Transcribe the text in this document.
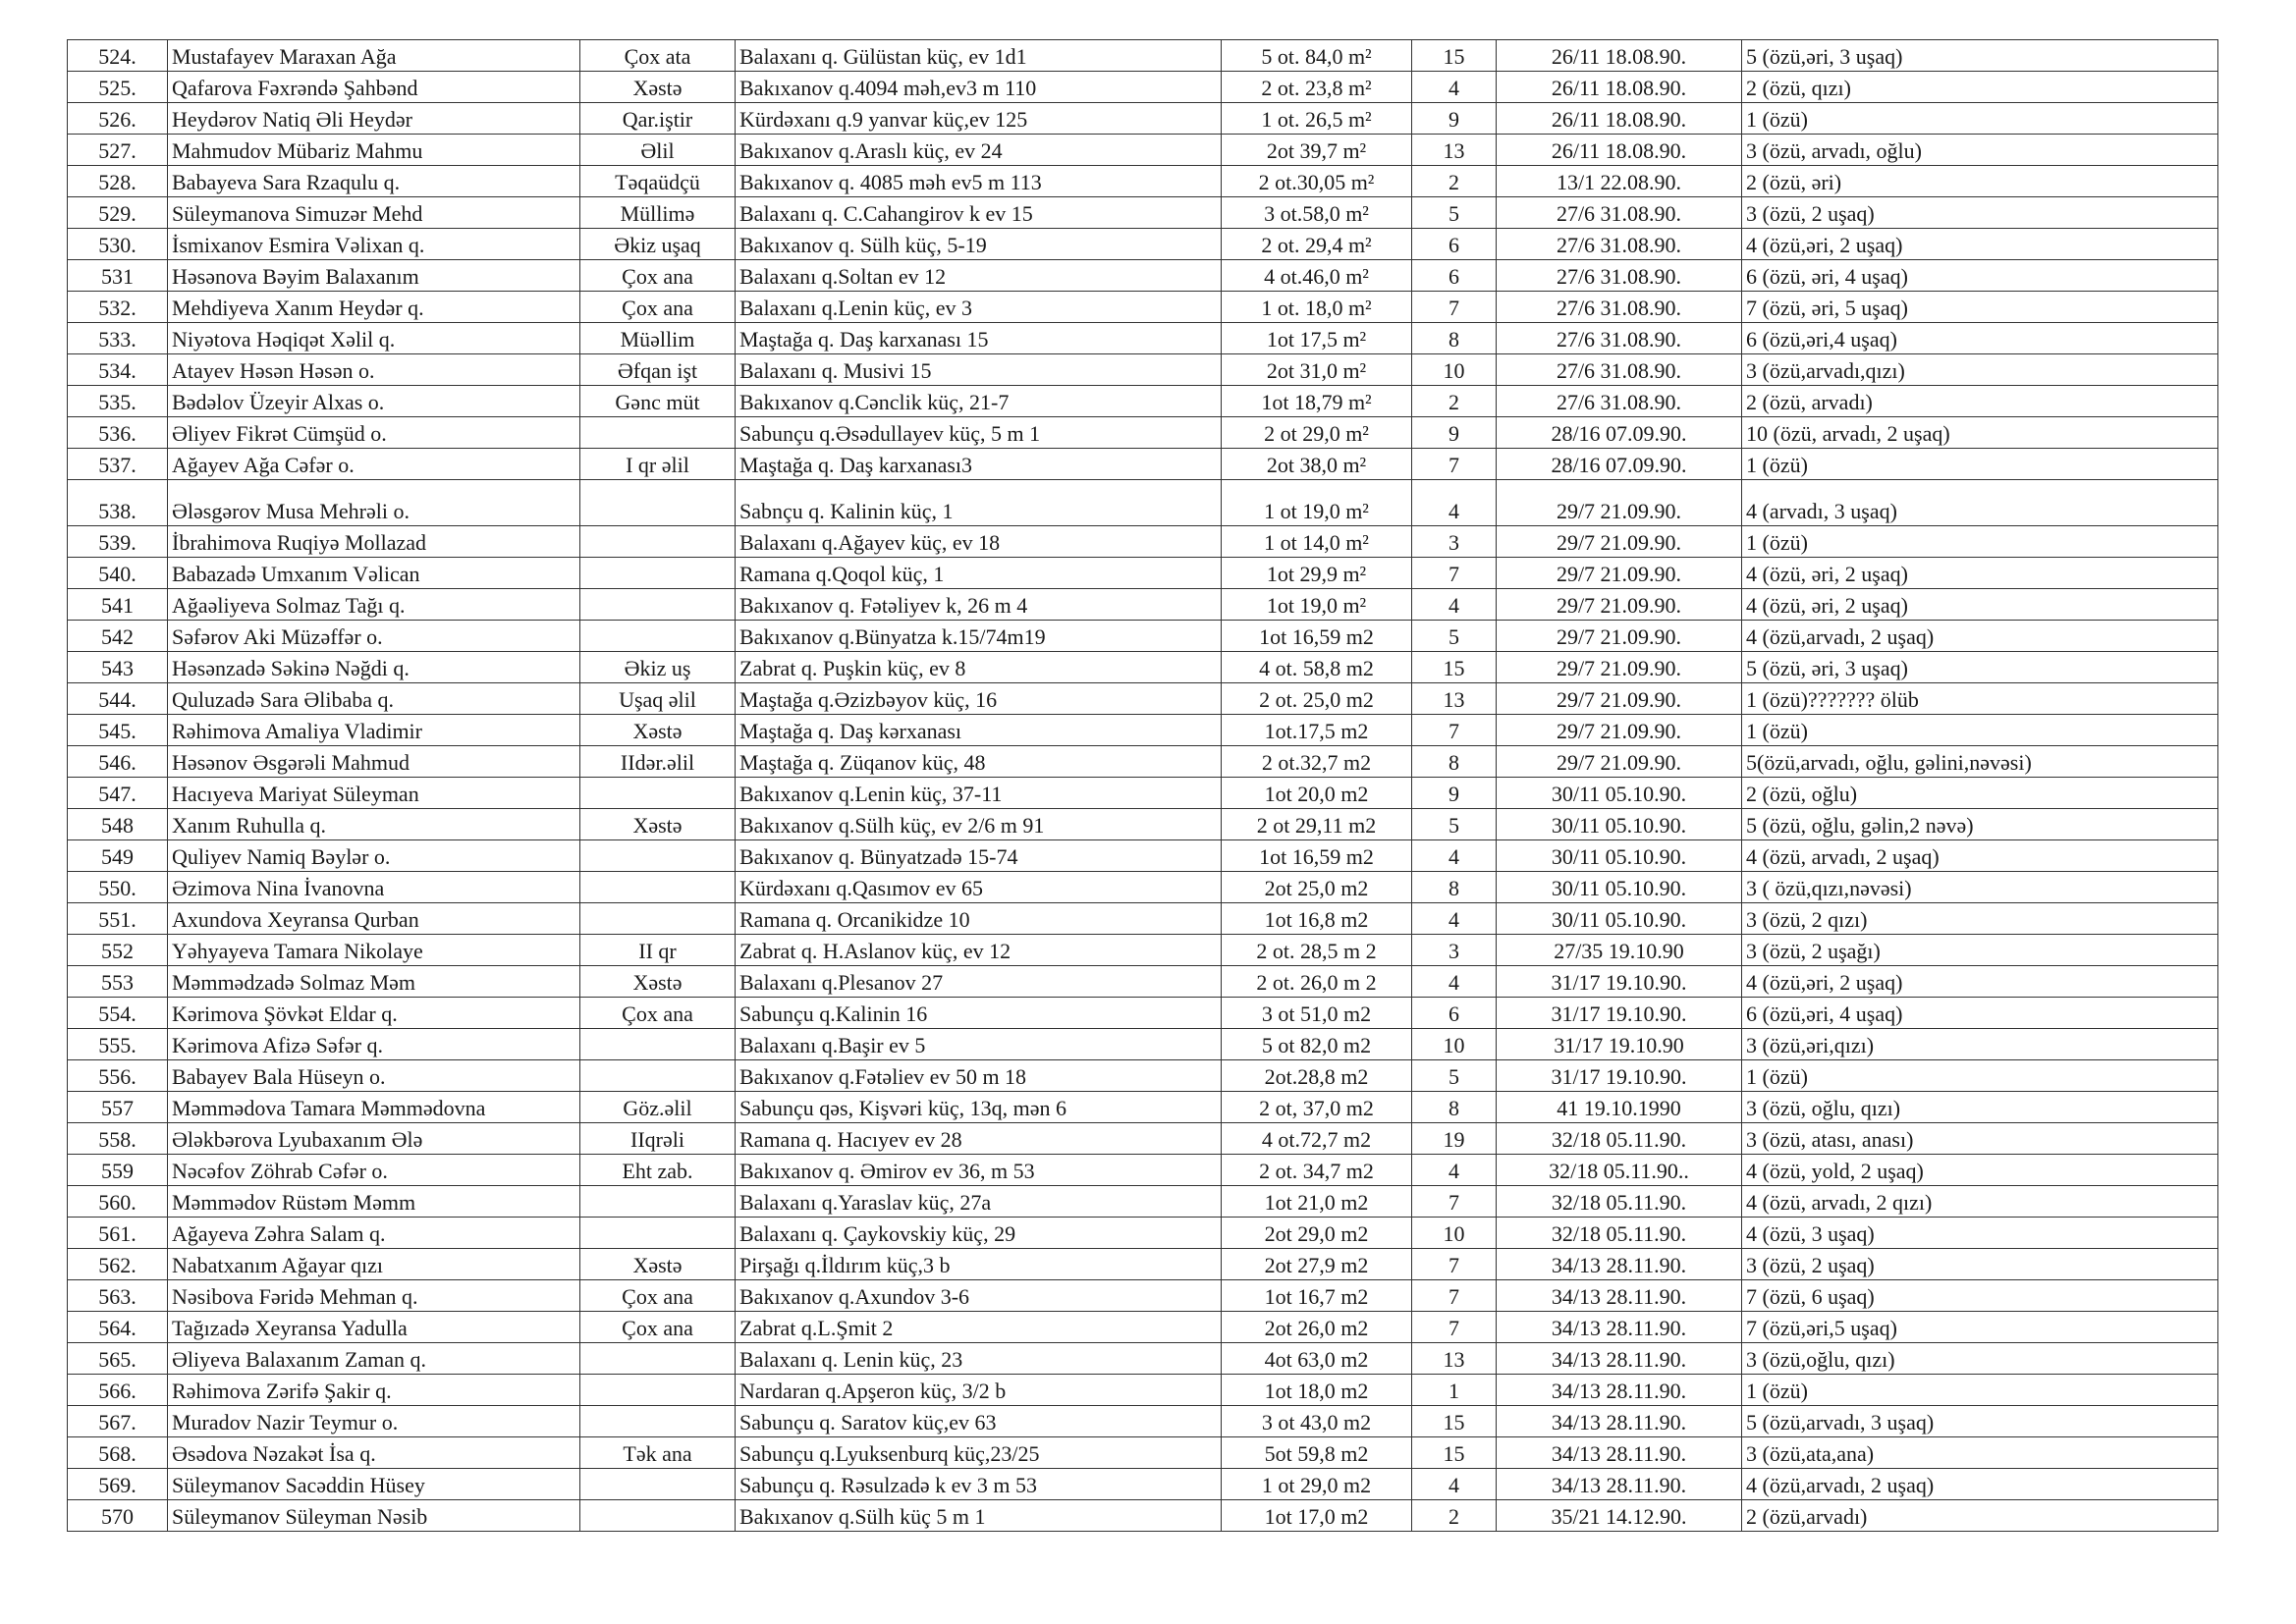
524.	Mustafayev Maraxan Ağa	Çox ata	Balaxanı q. Gülüstan küç, ev 1d1	5 ot. 84,0 m²	15	26/11 18.08.90.	5 (özü,əri, 3 uşaq)
525.	Qafarova Fəxrəndə Şahbənd	Xəstə	Bakıxanov q.4094 məh,ev3 m 110	2 ot. 23,8 m²	4	26/11 18.08.90.	2 (özü, qızı)
526.	Heydərov Natiq Əli Heydər	Qar.iştir	Kürdəxanı q.9 yanvar küç,ev 125	1 ot. 26,5 m²	9	26/11 18.08.90.	1 (özü)
527.	Mahmudov Mübariz Mahmu	Əlil	Bakıxanov q.Araslı küç, ev 24	2ot 39,7 m²	13	26/11 18.08.90.	3 (özü, arvadı, oğlu)
528.	Babayeva Sara Rzaqulu q.	Təqaüdçü	Bakıxanov q. 4085 məh ev5 m 113	2 ot.30,05 m²	2	13/1 22.08.90.	2 (özü, əri)
529.	Süleymanova Simuzər Mehd	Müllimə	Balaxanı q. C.Cahangirov k ev 15	3 ot.58,0 m²	5	27/6 31.08.90.	3 (özü, 2 uşaq)
530.	İsmixanov Esmira Vəlixan q.	Əkiz uşaq	Bakıxanov q. Sülh küç, 5-19	2 ot. 29,4 m²	6	27/6 31.08.90.	4 (özü,əri, 2 uşaq)
531	Həsənova Bəyim Balaxanım	Çox ana	Balaxanı q.Soltan ev 12	4 ot.46,0 m²	6	27/6 31.08.90.	6 (özü, əri, 4 uşaq)
532.	Mehdiyeva Xanım Heydər q.	Çox ana	Balaxanı q.Lenin küç, ev 3	1 ot. 18,0 m²	7	27/6 31.08.90.	7 (özü, əri, 5 uşaq)
533.	Niyətova Həqiqət Xəlil q.	Müəllim	Maştağa q. Daş karxanası 15	1ot 17,5 m²	8	27/6 31.08.90.	6 (özü,əri,4 uşaq)
534.	Atayev Həsən Həsən o.	Əfqan işt	Balaxanı q. Musivi 15	2ot 31,0 m²	10	27/6 31.08.90.	3 (özü,arvadı,qızı)
535.	Bədəlov Üzeyir Alxas o.	Gənc müt	Bakıxanov q.Cənclik küç, 21-7	1ot 18,79 m²	2	27/6 31.08.90.	2 (özü, arvadı)
536.	Əliyev Fikrət Cümşüd o.		Sabunçu q.Əsədullayev küç, 5 m 1	2 ot 29,0 m²	9	28/16 07.09.90.	10 (özü, arvadı, 2 uşaq)
537.	Ağayev Ağa Cəfər o.	I qr əlil	Maştağa q. Daş karxanası3	2ot 38,0 m²	7	28/16 07.09.90.	1 (özü)
538.	Ələsgərov Musa Mehrəli o.		Sabnçu q. Kalinin küç, 1	1 ot 19,0 m²	4	29/7 21.09.90.	4 (arvadı, 3 uşaq)
539.	İbrahimova Ruqiyə Mollazad		Balaxanı q.Ağayev küç, ev 18	1 ot 14,0 m²	3	29/7 21.09.90.	1 (özü)
540.	Babazadə Umxanım Vəlican		Ramana q.Qoqol küç, 1	1ot 29,9 m²	7	29/7 21.09.90.	4 (özü, əri, 2 uşaq)
541	Ağaəliyeva Solmaz Tağı q.		Bakıxanov q. Fətəliyev k, 26 m 4	1ot 19,0 m²	4	29/7 21.09.90.	4 (özü, əri, 2 uşaq)
542	Səfərov Aki Müzəffər o.		Bakıxanov q.Bünyatza k.15/74m19	1ot 16,59 m2	5	29/7 21.09.90.	4 (özü,arvadı, 2 uşaq)
543	Həsənzadə Səkinə Nəğdi q.	Əkiz uş	Zabrat q. Puşkin küç, ev 8	4 ot. 58,8 m2	15	29/7 21.09.90.	5 (özü, əri, 3 uşaq)
544.	Quluzadə Sara Əlibaba q.	Uşaq əlil	Maştağa q.Əzizbəyov küç, 16	2 ot. 25,0 m2	13	29/7 21.09.90.	1 (özü)??????? ölüb
545.	Rəhimova Amaliya Vladimir	Xəstə	Maştağa q. Daş kərxanası	1ot.17,5 m2	7	29/7 21.09.90.	1 (özü)
546.	Həsənov Əsgərəli Mahmud	IIdər.əlil	Maştağa q. Züqanov küç, 48	2 ot.32,7 m2	8	29/7 21.09.90.	5(özü,arvadı, oğlu, gəlini,nəvəsi)
547.	Hacıyeva Mariyat Süleyman		Bakıxanov q.Lenin küç, 37-11	1ot 20,0 m2	9	30/11 05.10.90.	2 (özü, oğlu)
548	Xanım Ruhulla q.	Xəstə	Bakıxanov q.Sülh küç, ev 2/6 m 91	2 ot 29,11 m2	5	30/11 05.10.90.	5 (özü, oğlu, gəlin,2 nəvə)
549	Quliyev Namiq Bəylər o.		Bakıxanov q. Bünyatzadə 15-74	1ot 16,59 m2	4	30/11 05.10.90.	4 (özü, arvadı, 2 uşaq)
550.	Əzimova Nina İvanovna		Kürdəxanı q.Qasımov ev 65	2ot 25,0 m2	8	30/11 05.10.90.	3 ( özü,qızı,nəvəsi)
551.	Axundova Xeyransa Qurban		Ramana q. Orcanikidze 10	1ot 16,8 m2	4	30/11 05.10.90.	3 (özü, 2 qızı)
552	Yəhyayeva Tamara Nikolaye	II qr	Zabrat q. H.Aslanov küç, ev 12	2 ot. 28,5 m 2	3	27/35 19.10.90	3 (özü, 2 uşağı)
553	Məmmədzadə Solmaz Məm	Xəstə	Balaxanı q.Plesanov 27	2 ot. 26,0 m 2	4	31/17 19.10.90.	4 (özü,əri, 2 uşaq)
554.	Kərimova Şövkət Eldar q.	Çox ana	Sabunçu q.Kalinin 16	3 ot 51,0 m2	6	31/17 19.10.90.	6 (özü,əri, 4 uşaq)
555.	Kərimova Afizə Səfər q.		Balaxanı q.Başir ev 5	5 ot 82,0 m2	10	31/17 19.10.90	3 (özü,əri,qızı)
556.	Babayev Bala Hüseyn o.		Bakıxanov q.Fətəliev ev 50 m 18	2ot.28,8 m2	5	31/17 19.10.90.	1 (özü)
557	Məmmədova Tamara Məmmədovna	Göz.əlil	Sabunçu qəs, Kişvəri küç, 13q, mən 6	2 ot, 37,0 m2	8	41 19.10.1990	3 (özü, oğlu, qızı)
558.	Ələkbərova Lyubaxanım Ələ	IIqrəli	Ramana q. Hacıyev ev 28	4 ot.72,7 m2	19	32/18 05.11.90.	3 (özü, atası, anası)
559	Nəcəfov Zöhrab Cəfər o.	Eht zab.	Bakıxanov q. Əmirov ev 36, m 53	2 ot. 34,7 m2	4	32/18 05.11.90..	4 (özü, yold, 2 uşaq)
560.	Məmmədov Rüstəm Məmm		Balaxanı q.Yaraslav küç, 27a	1ot 21,0 m2	7	32/18 05.11.90.	4 (özü, arvadı, 2 qızı)
561.	Ağayeva Zəhra Salam q.		Balaxanı q. Çaykovskiy küç, 29	2ot 29,0 m2	10	32/18 05.11.90.	4 (özü, 3 uşaq)
562.	Nabatxanım Ağayar qızı	Xəstə	Pirşağı q.İldırım küç,3 b	2ot 27,9 m2	7	34/13 28.11.90.	3 (özü, 2 uşaq)
563.	Nəsibova Fəridə Mehman q.	Çox ana	Bakıxanov q.Axundov 3-6	1ot 16,7 m2	7	34/13 28.11.90.	7 (özü, 6 uşaq)
564.	Tağızadə Xeyransa Yadulla	Çox ana	Zabrat q.L.Şmit 2	2ot 26,0 m2	7	34/13 28.11.90.	7 (özü,əri,5 uşaq)
565.	Əliyeva Balaxanım Zaman q.		Balaxanı q. Lenin küç, 23	4ot 63,0 m2	13	34/13 28.11.90.	3 (özü,oğlu, qızı)
566.	Rəhimova Zərifə Şakir q.		Nardaran q.Apşeron küç, 3/2 b	1ot 18,0 m2	1	34/13 28.11.90.	1 (özü)
567.	Muradov Nazir Teymur o.		Sabunçu q. Saratov küç,ev 63	3 ot 43,0 m2	15	34/13 28.11.90.	5 (özü,arvadı, 3 uşaq)
568.	Əsədova Nəzakət İsa q.	Tək ana	Sabunçu q.Lyuksenburq küç,23/25	5ot 59,8 m2	15	34/13 28.11.90.	3 (özü,ata,ana)
569.	Süleymanov Sacəddin Hüsey		Sabunçu q. Rəsulzadə k ev 3 m 53	1 ot 29,0 m2	4	34/13 28.11.90.	4 (özü,arvadı, 2 uşaq)
570	Süleymanov Süleyman Nəsib		Bakıxanov q.Sülh küç 5 m 1	1ot 17,0 m2	2	35/21 14.12.90.	2 (özü,arvadı)
